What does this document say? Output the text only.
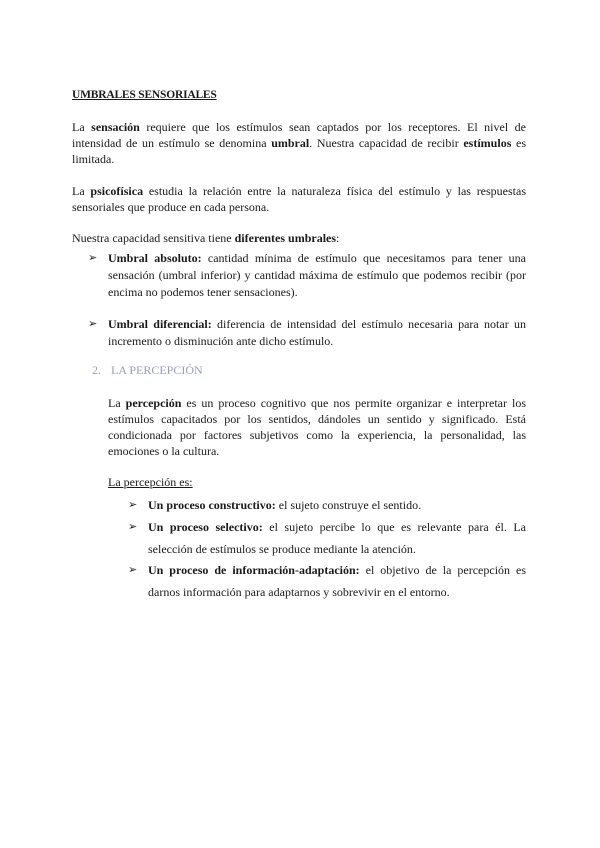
UMBRALES SENSORIALES
La sensación requiere que los estímulos sean captados por los receptores. El nivel de intensidad de un estímulo se denomina umbral. Nuestra capacidad de recibir estímulos es limitada.
La psicofísica estudia la relación entre la naturaleza física del estímulo y las respuestas sensoriales que produce en cada persona.
Nuestra capacidad sensitiva tiene diferentes umbrales:
➢ Umbral absoluto: cantidad mínima de estímulo que necesitamos para tener una sensación (umbral inferior) y cantidad máxima de estímulo que podemos recibir (por encima no podemos tener sensaciones).
➢ Umbral diferencial: diferencia de intensidad del estímulo necesaria para notar un incremento o disminución ante dicho estímulo.
2. LA PERCEPCIÓN
La percepción es un proceso cognitivo que nos permite organizar e interpretar los estímulos capacitados por los sentidos, dándoles un sentido y significado. Está condicionada por factores subjetivos como la experiencia, la personalidad, las emociones o la cultura.
La percepción es:
➢ Un proceso constructivo: el sujeto construye el sentido.
➢ Un proceso selectivo: el sujeto percibe lo que es relevante para él. La selección de estímulos se produce mediante la atención.
➢ Un proceso de información-adaptación: el objetivo de la percepción es darnos información para adaptarnos y sobrevivir en el entorno.
